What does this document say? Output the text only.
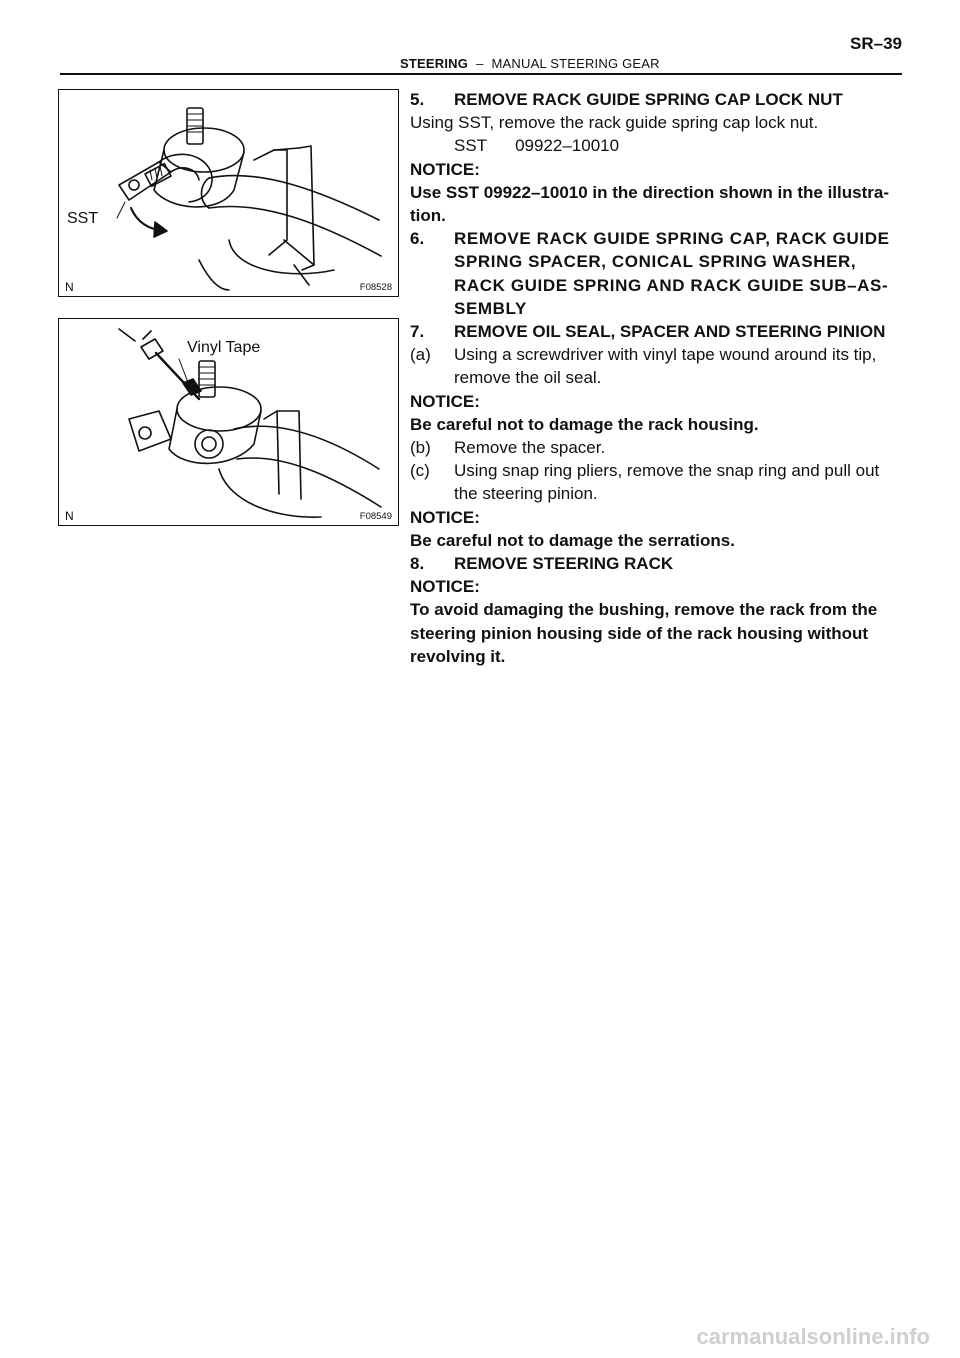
SR–39
STEERING – MANUAL STEERING GEAR
SST
N	F08528
Vinyl Tape
N	F08549
5.	REMOVE RACK GUIDE SPRING CAP LOCK NUT

Using SST, remove the rack guide spring cap lock nut.

SST 09922–10010

NOTICE:

Use SST 09922–10010 in the direction shown in the illustra- tion.

6.	REMOVE RACK GUIDE SPRING CAP, RACK GUIDE SPRING SPACER, CONICAL SPRING WASHER, RACK GUIDE SPRING AND RACK GUIDE SUB–AS- SEMBLY
7.	REMOVE OIL SEAL, SPACER AND STEERING PINION
(a)	Using a screwdriver with vinyl tape wound around its tip, remove the oil seal.

NOTICE:

Be careful not to damage the rack housing.

(b)	Remove the spacer.
(c)	Using snap ring pliers, remove the snap ring and pull out the steering pinion.

NOTICE:

Be careful not to damage the serrations.

8.	REMOVE STEERING RACK

NOTICE:

To avoid damaging the bushing, remove the rack from the steering pinion housing side of the rack housing without revolving it.

carmanualsonline.info
